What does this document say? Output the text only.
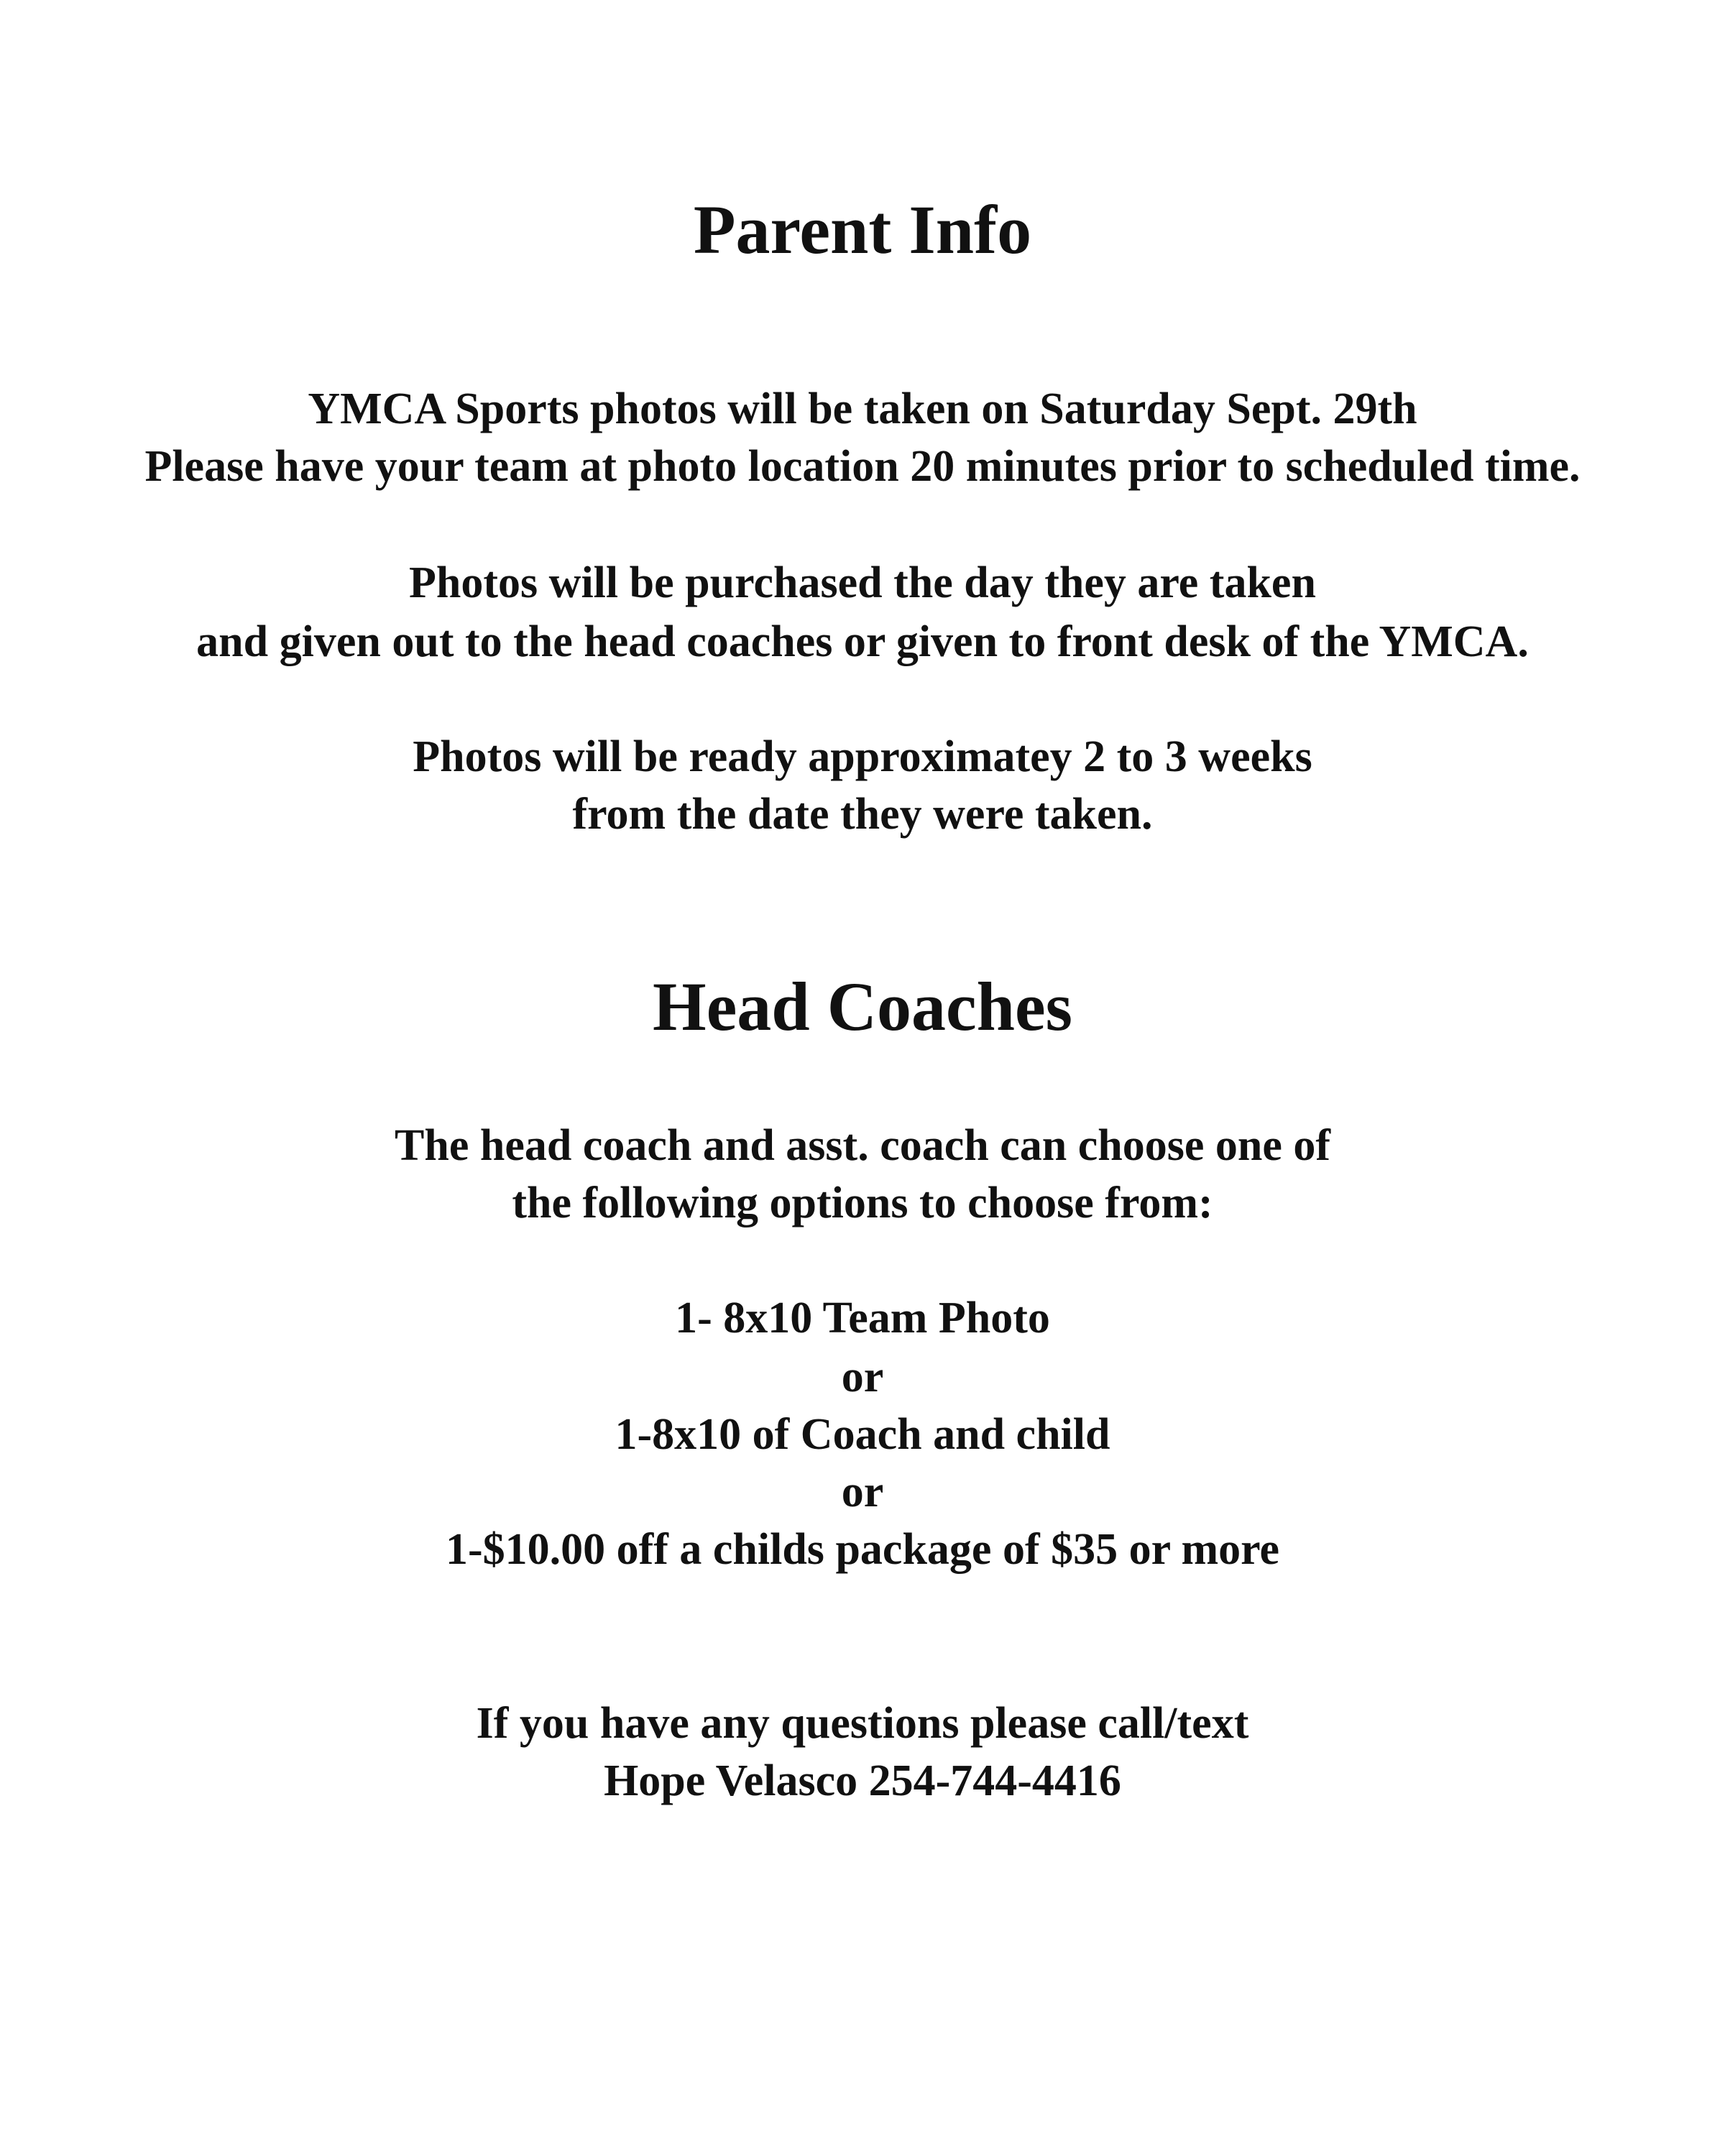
Parent Info
YMCA Sports photos will be taken on Saturday Sept. 29th
Please have your team at photo location 20 minutes prior to scheduled time.
Photos will be purchased the day they are taken
and given out to the head coaches or given to front desk of the YMCA.
Photos will be ready approximatey 2 to 3 weeks
from the date they were taken.
Head Coaches
The head coach and asst. coach can choose one of
the following options to choose from:
1- 8x10 Team Photo
or
1-8x10 of Coach and child
or
1-$10.00 off a childs package of $35 or more
If you have any questions please call/text
Hope Velasco 254-744-4416
